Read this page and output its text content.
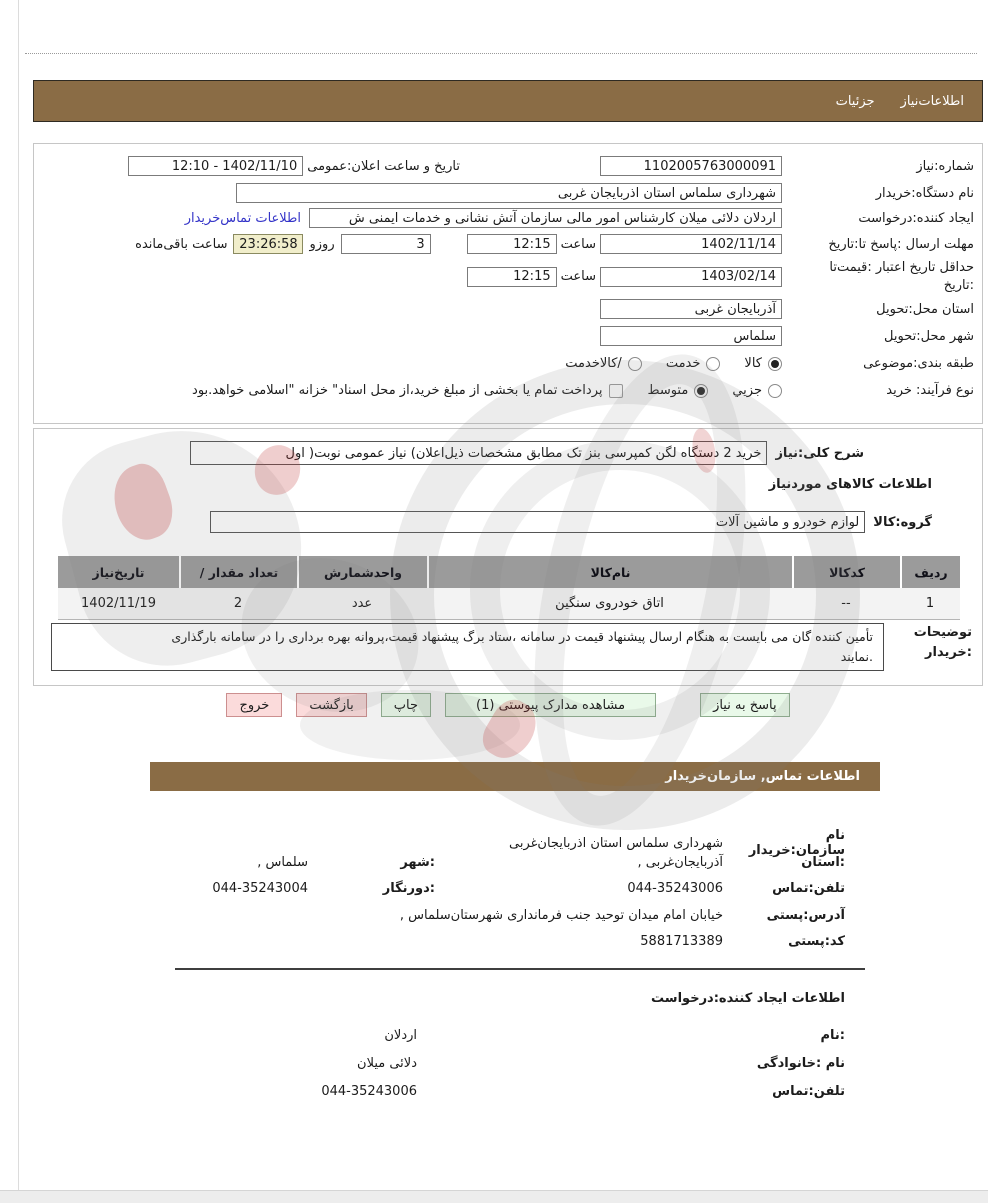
اطلاعات‌نیاز
جزئیات
شماره:نیاز
1102005763000091
تاریخ و ساعت اعلان:عمومی
1402/11/10 - 12:10
نام دستگاه:خریدار
شهرداری سلماس استان اذربایجان غربی
ایجاد کننده:درخواست
اردلان دلائی میلان کارشناس امور مالی سازمان آتش نشانی و خدمات ایمنی ش
اطلاعات تماس‌خریدار
مهلت ارسال :پاسخ تا:تاریخ
1402/11/14
ساعت
12:15
3
روزو
23:26:58
ساعت باقی‌مانده
حداقل تاریخ اعتبار :قیمت‌تا
:تاریخ
1403/02/14
ساعت
12:15
استان محل:تحویل
آذربایجان غربی
شهر محل:تحویل
سلماس
طبقه بندی:موضوعی
کالا
خدمت
/کالاخدمت
نوع فرآیند: خرید
جزيي
متوسط
پرداخت تمام یا بخشی از مبلغ خرید،از محل اسناد" خزانه "اسلامی خواهد.بود
شرح کلی:نیاز
خرید 2 دستگاه لگن کمپرسی بنز تک مطابق مشخصات ذیل‌اعلان) نیاز عمومی نوبت( اول
اطلاعات کالاهای موردنیاز
گروه:کالا
لوازم خودرو و ماشین آلات
ردیف	کدکالا	نام‌کالا	واحدشمارش	تعداد مقدار /	تاریخ‌نیاز
1	--	اتاق خودروی سنگین	عدد	2	1402/11/19
توضیحات
:خریدار
تأمین کننده گان می بایست به هنگام ارسال پیشنهاد قیمت در سامانه ،ستاد برگ پیشنهاد قیمت،پروانه بهره برداری را در سامانه بارگذاری
.نمایند
پاسخ به نیاز
مشاهده مدارک پیوستی (1)
چاپ
بازگشت
خروج
اطلاعات تماس, سازمان‌خریدار
نام سازمان:خریدار
شهرداری سلماس استان اذربایجان‌غربی
:استان
آذربایجان‌غربی ,
:شهر
سلماس ,
تلفن:تماس
044-35243006
:دورنگار
044-35243004
آدرس:پستی
خیابان امام میدان توحید جنب فرمانداری شهرستان‌سلماس ,
کد:پستی
5881713389
اطلاعات ایجاد کننده:درخواست
:نام
اردلان
نام :خانوادگی
دلائی میلان
تلفن:تماس
044-35243006
